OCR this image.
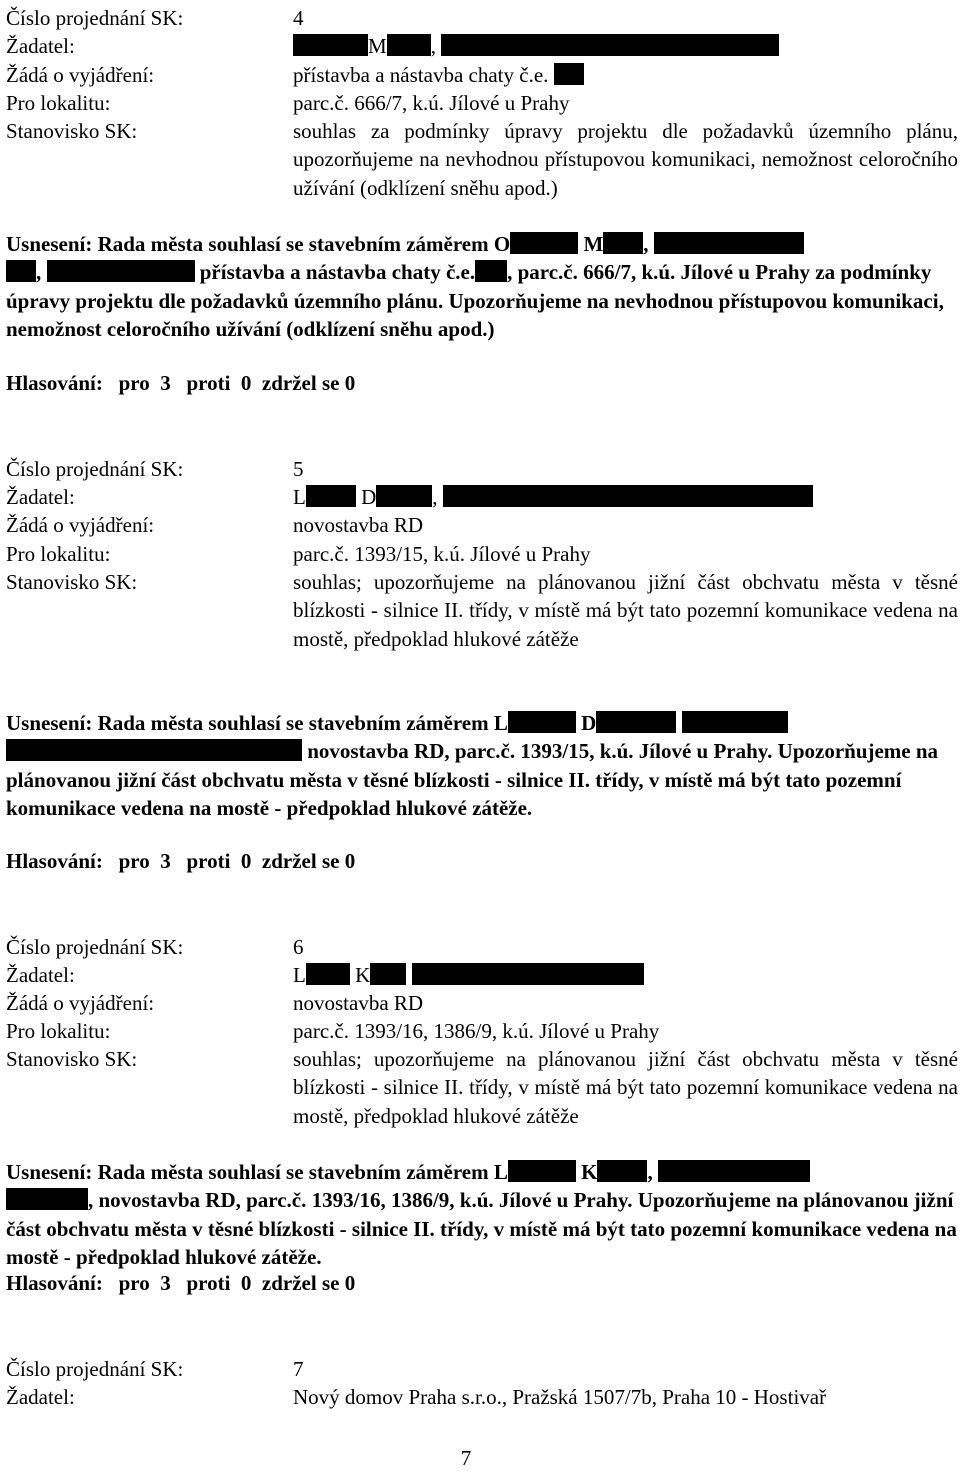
Číslo projednání SK:	4
Žadatel:	M ,
Žádá o vyjádření:	přístavba a nástavba chaty č.e.
Pro lokalitu:	parc.č. 666/7, k.ú. Jílové u Prahy
Stanovisko SK:	souhlas za podmínky úpravy projektu dle požadavků územního plánu, upozorňujeme na nevhodnou přístupovou komunikaci, nemožnost celoročního užívání (odklízení sněhu apod.)
Usnesení: Rada města souhlasí se stavebním záměrem O	M ,
,	přístavba a nástavba chaty č.e. , parc.č. 666/7, k.ú. Jílové u Prahy za podmínky úpravy projektu dle požadavků územního plánu. Upozorňujeme na nevhodnou přístupovou komunikaci, nemožnost celoročního užívání (odklízení sněhu apod.)
Hlasování:   pro  3   proti  0  zdržel se 0
Číslo projednání SK:	5
Žadatel:	L	D	,
Žádá o vyjádření:	novostavba RD
Pro lokalitu:	parc.č. 1393/15, k.ú. Jílové u Prahy
Stanovisko SK:	souhlas; upozorňujeme na plánovanou jižní část obchvatu města v těsné blízkosti - silnice II. třídy, v místě má být tato pozemní komunikace vedena na mostě, předpoklad hlukové zátěže
Usnesení: Rada města souhlasí se stavebním záměrem L	D
novostavba RD, parc.č. 1393/15, k.ú. Jílové u Prahy. Upozorňujeme na plánovanou jižní část obchvatu města v těsné blízkosti - silnice II. třídy, v místě má být tato pozemní komunikace vedena na mostě - předpoklad hlukové zátěže.
Hlasování:   pro  3   proti  0  zdržel se 0
Číslo projednání SK:	6
Žadatel:	L K
Žádá o vyjádření:	novostavba RD
Pro lokalitu:	parc.č. 1393/16, 1386/9, k.ú. Jílové u Prahy
Stanovisko SK:	souhlas; upozorňujeme na plánovanou jižní část obchvatu města v těsné blízkosti - silnice II. třídy, v místě má být tato pozemní komunikace vedena na mostě, předpoklad hlukové zátěže
Usnesení: Rada města souhlasí se stavebním záměrem L	K ,
, novostavba RD, parc.č. 1393/16, 1386/9, k.ú. Jílové u Prahy. Upozorňujeme na plánovanou jižní část obchvatu města v těsné blízkosti - silnice II. třídy, v místě má být tato pozemní komunikace vedena na mostě - předpoklad hlukové zátěže.
Hlasování:   pro  3   proti  0  zdržel se 0
Číslo projednání SK:	7
Žadatel:	Nový domov Praha s.r.o., Pražská 1507/7b, Praha 10 - Hostivař
7
